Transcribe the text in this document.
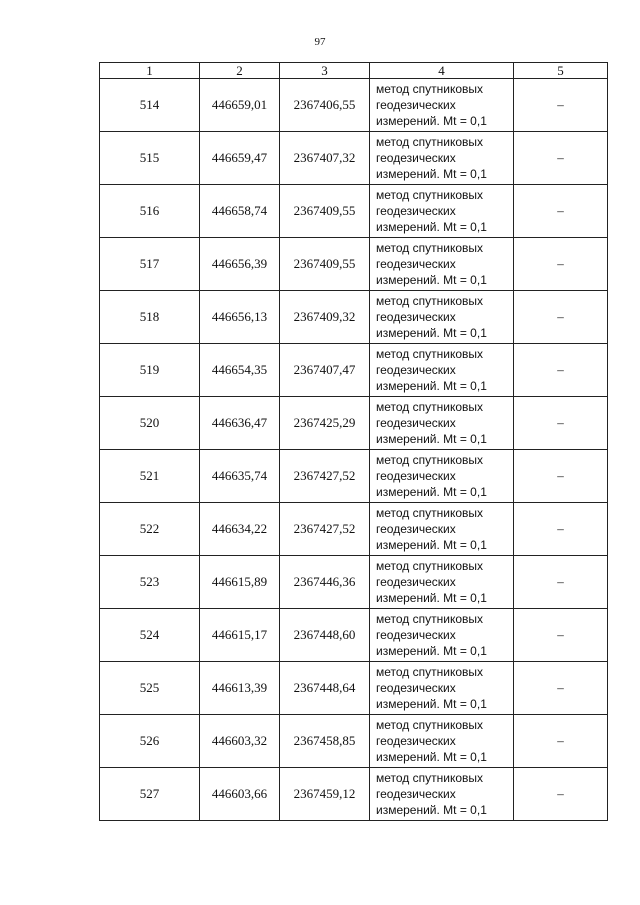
97
1	2	3	4	5
514	446659,01	2367406,55	метод спутниковых
геодезических
измерений. Mt = 0,1	–
515	446659,47	2367407,32	метод спутниковых
геодезических
измерений. Mt = 0,1	–
516	446658,74	2367409,55	метод спутниковых
геодезических
измерений. Mt = 0,1	–
517	446656,39	2367409,55	метод спутниковых
геодезических
измерений. Mt = 0,1	–
518	446656,13	2367409,32	метод спутниковых
геодезических
измерений. Mt = 0,1	–
519	446654,35	2367407,47	метод спутниковых
геодезических
измерений. Mt = 0,1	–
520	446636,47	2367425,29	метод спутниковых
геодезических
измерений. Mt = 0,1	–
521	446635,74	2367427,52	метод спутниковых
геодезических
измерений. Mt = 0,1	–
522	446634,22	2367427,52	метод спутниковых
геодезических
измерений. Mt = 0,1	–
523	446615,89	2367446,36	метод спутниковых
геодезических
измерений. Mt = 0,1	–
524	446615,17	2367448,60	метод спутниковых
геодезических
измерений. Mt = 0,1	–
525	446613,39	2367448,64	метод спутниковых
геодезических
измерений. Mt = 0,1	–
526	446603,32	2367458,85	метод спутниковых
геодезических
измерений. Mt = 0,1	–
527	446603,66	2367459,12	метод спутниковых
геодезических
измерений. Mt = 0,1	–
